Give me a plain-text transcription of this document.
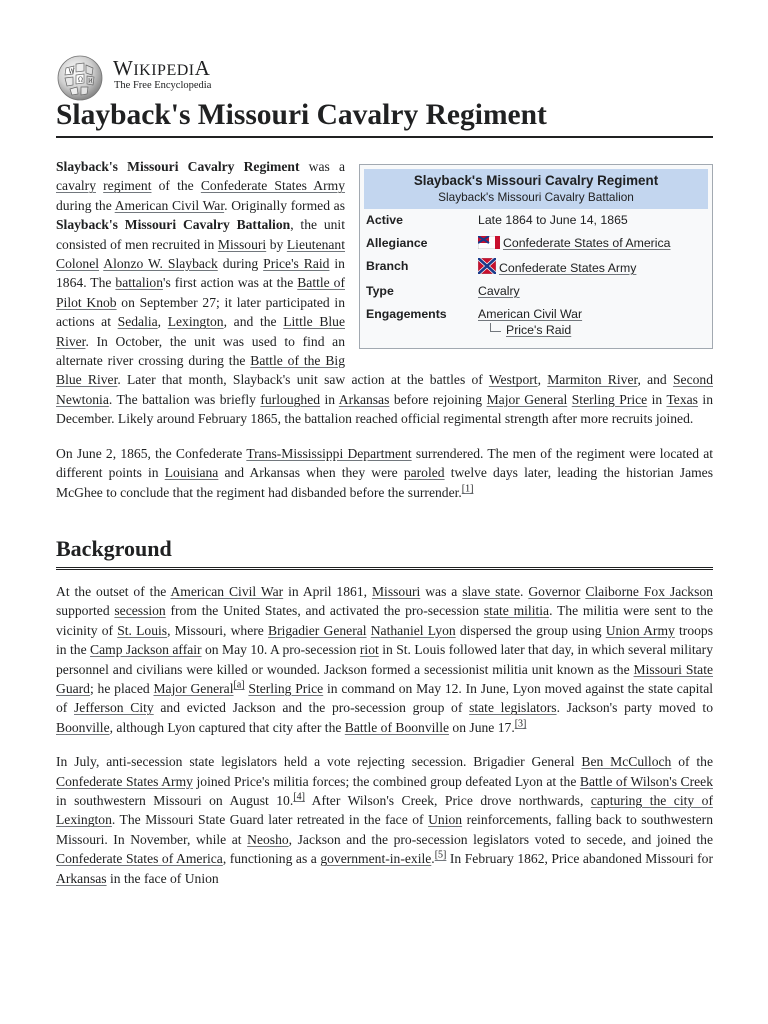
W
Ω И
WIKIPEDIA
The Free Encyclopedia
Slayback's Missouri Cavalry Regiment
Slayback's Missouri Cavalry Regiment
Slayback's Missouri Cavalry Battalion
Active	Late 1864 to June 14, 1865
Allegiance	Confederate States of America
Branch	Confederate States Army
Type	Cavalry
Engagements	American Civil War
Price's Raid

Slayback's Missouri Cavalry Regiment was a cavalry regiment of the Confederate States Army during the American Civil War. Originally formed as Slayback's Missouri Cavalry Battalion, the unit consisted of men recruited in Missouri by Lieutenant Colonel Alonzo W. Slayback during Price's Raid in 1864. The battalion's first action was at the Battle of Pilot Knob on September 27; it later participated in actions at Sedalia, Lexington, and the Little Blue River. In October, the unit was used to find an alternate river crossing during the Battle of the Big Blue River. Later that month, Slayback's unit saw action at the battles of Westport, Marmiton River, and Second Newtonia. The battalion was briefly furloughed in Arkansas before rejoining Major General Sterling Price in Texas in December. Likely around February 1865, the battalion reached official regimental strength after more recruits joined.

On June 2, 1865, the Confederate Trans-Mississippi Department surrendered. The men of the regiment were located at different points in Louisiana and Arkansas when they were paroled twelve days later, leading the historian James McGhee to conclude that the regiment had disbanded before the surrender.[1]

Background

At the outset of the American Civil War in April 1861, Missouri was a slave state. Governor Claiborne Fox Jackson supported secession from the United States, and activated the pro-secession state militia. The militia were sent to the vicinity of St. Louis, Missouri, where Brigadier General Nathaniel Lyon dispersed the group using Union Army troops in the Camp Jackson affair on May 10. A pro-secession riot in St. Louis followed later that day, in which several military personnel and civilians were killed or wounded. Jackson formed a secessionist militia unit known as the Missouri State Guard; he placed Major General[a] Sterling Price in command on May 12. In June, Lyon moved against the state capital of Jefferson City and evicted Jackson and the pro-secession group of state legislators. Jackson's party moved to Boonville, although Lyon captured that city after the Battle of Boonville on June 17.[3]

In July, anti-secession state legislators held a vote rejecting secession. Brigadier General Ben McCulloch of the Confederate States Army joined Price's militia forces; the combined group defeated Lyon at the Battle of Wilson's Creek in southwestern Missouri on August 10.[4] After Wilson's Creek, Price drove northwards, capturing the city of Lexington. The Missouri State Guard later retreated in the face of Union reinforcements, falling back to southwestern Missouri. In November, while at Neosho, Jackson and the pro-secession legislators voted to secede, and joined the Confederate States of America, functioning as a government-in-exile.[5] In February 1862, Price abandoned Missouri for Arkansas in the face of Union
